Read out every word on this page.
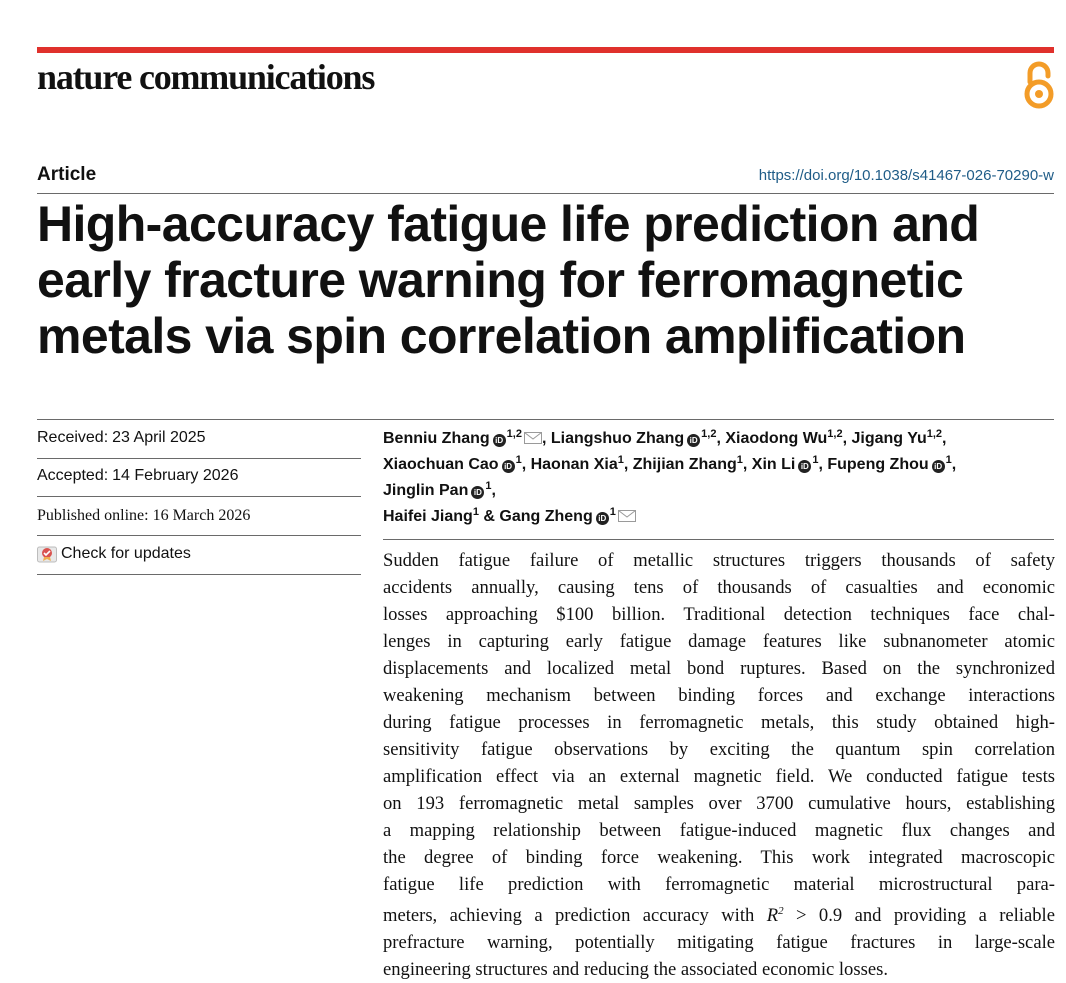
nature communications
Article	https://doi.org/10.1038/s41467-026-70290-w
High-accuracy fatigue life prediction and
early fracture warning for ferromagnetic
metals via spin correlation amplification
Received: 23 April 2025
Accepted: 14 February 2026
Published online: 16 March 2026
Check for updates
Benniu Zhang iD$^{1,2}$ , Liangshuo Zhang iD$^{1,2}$, Xiaodong Wu$^{1,2}$, Jigang Yu$^{1,2}$,
Xiaochuan Cao $iD^1$, Haonan Xia$^1$, Zhijian Zhang$^1$, Xin Li $iD^1$, Fupeng Zhou $iD^1$, Jinglin Pan $iD^1$,
Haifei Jiang$^1$ & Gang Zheng $iD^1$

Sudden fatigue failure of metallic structures triggers thousands of safety
accidents annually, causing tens of thousands of casualties and economic
losses approaching $100 billion. Traditional detection techniques face chal-
lenges in capturing early fatigue damage features like subnanometer atomic
displacements and localized metal bond ruptures. Based on the synchronized
weakening mechanism between binding forces and exchange interactions
during fatigue processes in ferromagnetic metals, this study obtained high-
sensitivity fatigue observations by exciting the quantum spin correlation
amplification effect via an external magnetic field. We conducted fatigue tests
on 193 ferromagnetic metal samples over 3700 cumulative hours, establishing
a mapping relationship between fatigue-induced magnetic flux changes and
the degree of binding force weakening. This work integrated macroscopic
fatigue life prediction with ferromagnetic material microstructural para-
meters, achieving a prediction accuracy with $R^2 > 0.9$ and providing a reliable
prefracture warning, potentially mitigating fatigue fractures in large-scale
engineering structures and reducing the associated economic losses.
